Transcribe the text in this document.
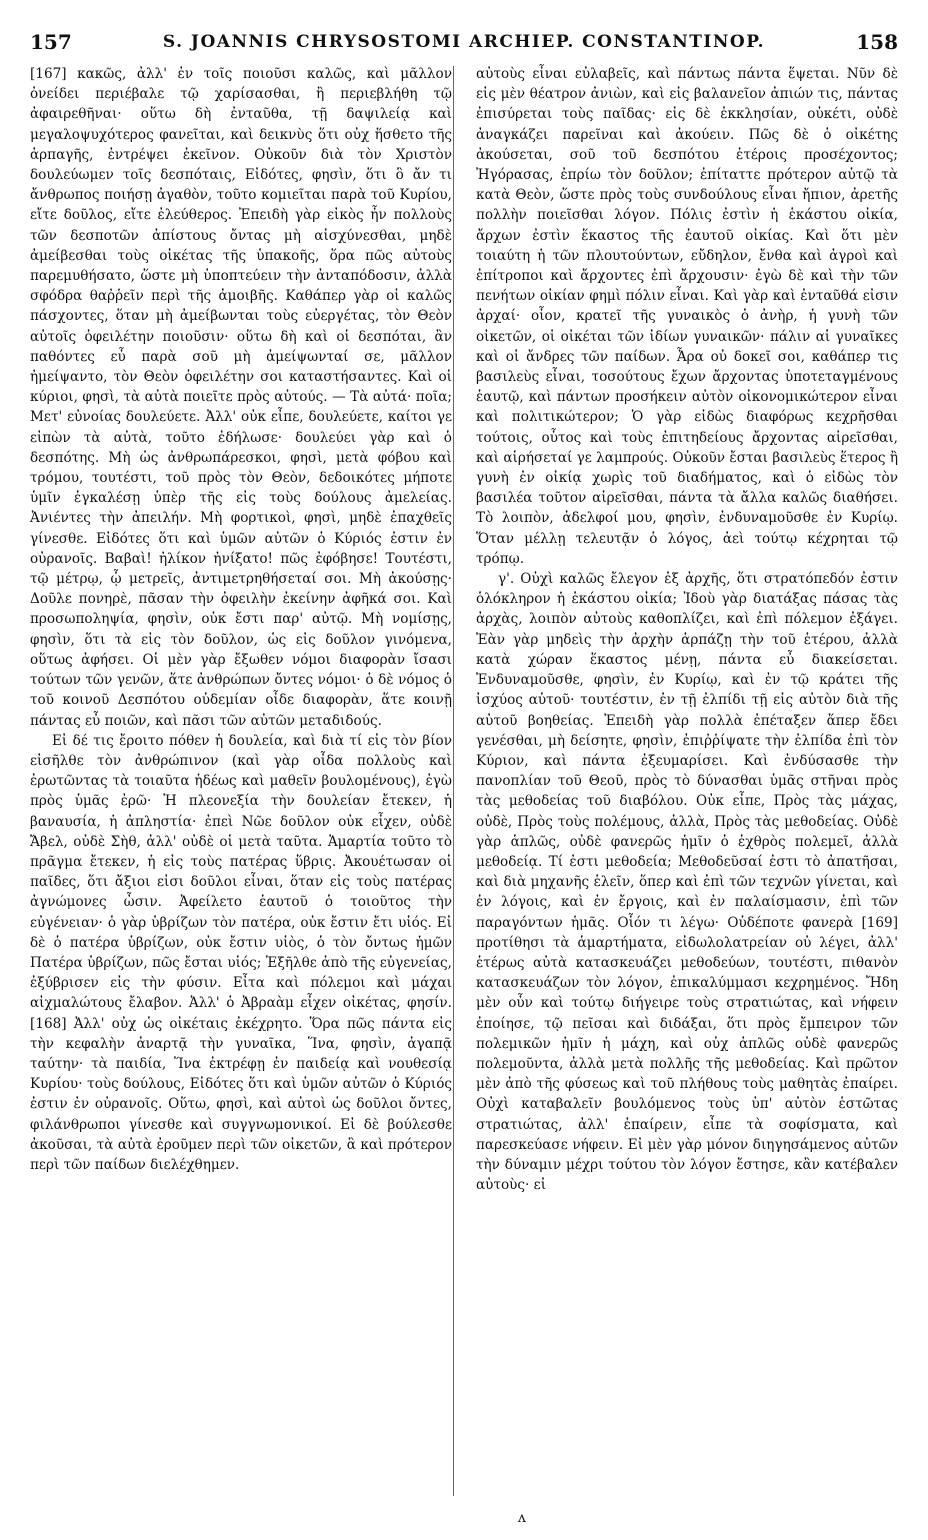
157	S. JOANNIS CHRYSOSTOMI ARCHIEP. CONSTANTINOP.	158

[167] κακῶς, ἀλλ' ἐν τοῖς ποιοῦσι καλῶς, καὶ μᾶλλον ὀνείδει περιέβαλε τῷ χαρίσασθαι, ἢ περιεβλήθη τῷ ἀφαιρεθῆναι· οὕτω δὴ ἐνταῦθα, τῇ δαψιλείᾳ καὶ μεγαλοψυχότερος φανεῖται, καὶ δεικνὺς ὅτι οὐχ ἥσθετο τῆς ἁρπαγῆς, ἐντρέψει ἐκεῖνον. Οὐκοῦν διὰ τὸν Χριστὸν δουλεύωμεν τοῖς δεσπόταις, Εἰδότες, φησὶν, ὅτι ὃ ἄν τι ἄνθρωπος ποιήσῃ ἀγαθὸν, τοῦτο κομιεῖται παρὰ τοῦ Κυρίου, εἴτε δοῦλος, εἴτε ἐλεύθερος. Ἐπειδὴ γὰρ εἰκὸς ἦν πολλοὺς τῶν δεσποτῶν ἀπίστους ὄντας μὴ αἰσχύνεσθαι, μηδὲ ἀμείβεσθαι τοὺς οἰκέτας τῆς ὑπακοῆς, ὅρα πῶς αὐτοὺς παρεμυθήσατο, ὥστε μὴ ὑποπτεύειν τὴν ἀνταπόδοσιν, ἀλλὰ σφόδρα θαῤῥεῖν περὶ τῆς ἀμοιβῆς. Καθάπερ γὰρ οἱ καλῶς πάσχοντες, ὅταν μὴ ἀμείβωνται τοὺς εὐεργέτας, τὸν Θεὸν αὐτοῖς ὀφειλέτην ποιοῦσιν· οὕτω δὴ καὶ οἱ δεσπόται, ἂν παθόντες εὖ παρὰ σοῦ μὴ ἀμείψωνταί σε, μᾶλλον ἠμείψαντο, τὸν Θεὸν ὀφειλέτην σοι καταστήσαντες. Καὶ οἱ κύριοι, φησὶ, τὰ αὐτὰ ποιεῖτε πρὸς αὐτούς. — Τὰ αὐτά· ποῖα; Μετ' εὐνοίας δουλεύετε. Ἀλλ' οὐκ εἶπε, δουλεύετε, καίτοι γε εἰπὼν τὰ αὐτὰ, τοῦτο ἐδήλωσε· δουλεύει γὰρ καὶ ὁ δεσπότης. Μὴ ὡς ἀνθρωπάρεσκοι, φησὶ, μετὰ φόβου καὶ τρόμου, τουτέστι, τοῦ πρὸς τὸν Θεὸν, δεδοικότες μήποτε ὑμῖν ἐγκαλέσῃ ὑπὲρ τῆς εἰς τοὺς δούλους ἀμελείας. Ἀνιέντες τὴν ἀπειλήν. Μὴ φορτικοὶ, φησὶ, μηδὲ ἐπαχθεῖς γίνεσθε. Εἰδότες ὅτι καὶ ὑμῶν αὐτῶν ὁ Κύριός ἐστιν ἐν οὐρανοῖς. Βαβαὶ! ἠλίκον ἠνίξατο! πῶς ἐφόβησε! Τουτέστι, τῷ μέτρῳ, ᾧ μετρεῖς, ἀντιμετρηθήσεταί σοι. Μὴ ἀκούσῃς· Δοῦλε πονηρὲ, πᾶσαν τὴν ὀφειλὴν ἐκείνην ἀφῆκά σοι. Καὶ προσωποληψία, φησὶν, οὐκ ἔστι παρ' αὐτῷ. Μὴ νομίσῃς, φησὶν, ὅτι τὰ εἰς τὸν δοῦλον, ὡς εἰς δοῦλον γινόμενα, οὕτως ἀφήσει. Οἱ μὲν γὰρ ἔξωθεν νόμοι διαφορὰν ἴσασι τούτων τῶν γενῶν, ἅτε ἀνθρώπων ὄντες νόμοι· ὁ δὲ νόμος ὁ τοῦ κοινοῦ Δεσπότου οὐδεμίαν οἶδε διαφορὰν, ἅτε κοινῇ πάντας εὖ ποιῶν, καὶ πᾶσι τῶν αὐτῶν μεταδιδούς.

Εἰ δέ τις ἔροιτο πόθεν ἡ δουλεία, καὶ διὰ τί εἰς τὸν βίον εἰσῆλθε τὸν ἀνθρώπινον (καὶ γὰρ οἶδα πολλοὺς καὶ ἐρωτῶντας τὰ τοιαῦτα ἡδέως καὶ μαθεῖν βουλομένους), ἐγὼ πρὸς ὑμᾶς ἐρῶ· Ἡ πλεονεξία τὴν δουλείαν ἔτεκεν, ἡ βαναυσία, ἡ ἀπληστία· ἐπεὶ Νῶε δοῦλον οὐκ εἶχεν, οὐδὲ Ἄβελ, οὐδὲ Σὴθ, ἀλλ' οὐδὲ οἱ μετὰ ταῦτα. Ἁμαρτία τοῦτο τὸ πρᾶγμα ἔτεκεν, ἡ εἰς τοὺς πατέρας ὕβρις. Ἀκουέτωσαν οἱ παῖδες, ὅτι ἄξιοι εἰσι δοῦλοι εἶναι, ὅταν εἰς τοὺς πατέρας ἀγνώμονες ὦσιν. Ἀφείλετο ἑαυτοῦ ὁ τοιοῦτος τὴν εὐγένειαν· ὁ γὰρ ὑβρίζων τὸν πατέρα, οὐκ ἔστιν ἔτι υἱός. Εἰ δὲ ὁ πατέρα ὑβρίζων, οὐκ ἔστιν υἱὸς, ὁ τὸν ὄντως ἡμῶν Πατέρα ὑβρίζων, πῶς ἔσται υἱός; Ἐξῆλθε ἀπὸ τῆς εὐγενείας, ἐξύβρισεν εἰς τὴν φύσιν. Εἶτα καὶ πόλεμοι καὶ μάχαι αἰχμαλώτους ἔλαβον. Ἀλλ' ὁ Ἀβραὰμ εἶχεν οἰκέτας, φησίν. [168] Ἀλλ' οὐχ ὡς οἰκέταις ἐκέχρητο. Ὅρα πῶς πάντα εἰς τὴν κεφαλὴν ἀναρτᾷ τὴν γυναῖκα, Ἵνα, φησὶν, ἀγαπᾷ ταύτην· τὰ παιδία, Ἵνα ἐκτρέφῃ ἐν παιδείᾳ καὶ νουθεσίᾳ Κυρίου· τοὺς δούλους, Εἰδότες ὅτι καὶ ὑμῶν αὐτῶν ὁ Κύριός ἐστιν ἐν οὐρανοῖς. Οὕτω, φησὶ, καὶ αὐτοὶ ὡς δοῦλοι ὄντες, φιλάνθρωποι γίνεσθε καὶ συγγνωμονικοί. Εἰ δὲ βούλεσθε ἀκοῦσαι, τὰ αὐτὰ ἐροῦμεν περὶ τῶν οἰκετῶν, ἃ καὶ πρότερον περὶ τῶν παίδων διελέχθημεν.

αὐτοὺς εἶναι εὐλαβεῖς, καὶ πάντως πάντα ἕψεται. Νῦν δὲ εἰς μὲν θέατρον ἀνιὼν, καὶ εἰς βαλανεῖον ἀπιών τις, πάντας ἐπισύρεται τοὺς παῖδας· εἰς δὲ ἐκκλησίαν, οὐκέτι, οὐδὲ ἀναγκάζει παρεῖναι καὶ ἀκούειν. Πῶς δὲ ὁ οἰκέτης ἀκούσεται, σοῦ τοῦ δεσπότου ἑτέροις προσέχοντος; Ἠγόρασας, ἐπρίω τὸν δοῦλον; ἐπίταττε πρότερον αὐτῷ τὰ κατὰ Θεὸν, ὥστε πρὸς τοὺς συνδούλους εἶναι ἤπιον, ἀρετῆς πολλὴν ποιεῖσθαι λόγον. Πόλις ἐστὶν ἡ ἑκάστου οἰκία, ἄρχων ἐστὶν ἕκαστος τῆς ἑαυτοῦ οἰκίας. Καὶ ὅτι μὲν τοιαύτη ἡ τῶν πλουτούντων, εὔδηλον, ἔνθα καὶ ἀγροὶ καὶ ἐπίτροποι καὶ ἄρχοντες ἐπὶ ἄρχουσιν· ἐγὼ δὲ καὶ τὴν τῶν πενήτων οἰκίαν φημὶ πόλιν εἶναι. Καὶ γὰρ καὶ ἐνταῦθά εἰσιν ἀρχαί· οἷον, κρατεῖ τῆς γυναικὸς ὁ ἀνὴρ, ἡ γυνὴ τῶν οἰκετῶν, οἱ οἰκέται τῶν ἰδίων γυναικῶν· πάλιν αἱ γυναῖκες καὶ οἱ ἄνδρες τῶν παίδων. Ἆρα οὐ δοκεῖ σοι, καθάπερ τις βασιλεὺς εἶναι, τοσούτους ἔχων ἄρχοντας ὑποτεταγμένους ἑαυτῷ, καὶ πάντων προσήκειν αὐτὸν οἰκονομικώτερον εἶναι καὶ πολιτικώτερον; Ὁ γὰρ εἰδὼς διαφόρως κεχρῆσθαι τούτοις, οὗτος καὶ τοὺς ἐπιτηδείους ἄρχοντας αἱρεῖσθαι, καὶ αἱρήσεταί γε λαμπρούς. Οὐκοῦν ἔσται βασιλεὺς ἕτερος ἢ γυνὴ ἐν οἰκίᾳ χωρὶς τοῦ διαδήματος, καὶ ὁ εἰδὼς τὸν βασιλέα τοῦτον αἱρεῖσθαι, πάντα τὰ ἄλλα καλῶς διαθήσει. Τὸ λοιπὸν, ἀδελφοί μου, φησὶν, ἐνδυναμοῦσθε ἐν Κυρίῳ. Ὅταν μέλλῃ τελευτᾷν ὁ λόγος, ἀεὶ τούτῳ κέχρηται τῷ τρόπῳ.

γ'. Οὐχὶ καλῶς ἔλεγον ἐξ ἀρχῆς, ὅτι στρατόπεδόν ἐστιν ὁλόκληρον ἡ ἑκάστου οἰκία; Ἰδοὺ γὰρ διατάξας πάσας τὰς ἀρχὰς, λοιπὸν αὐτοὺς καθοπλίζει, καὶ ἐπὶ πόλεμον ἐξάγει. Ἐὰν γὰρ μηδεὶς τὴν ἀρχὴν ἁρπάζῃ τὴν τοῦ ἑτέρου, ἀλλὰ κατὰ χώραν ἕκαστος μένῃ, πάντα εὖ διακείσεται. Ἐνδυναμοῦσθε, φησὶν, ἐν Κυρίῳ, καὶ ἐν τῷ κράτει τῆς ἰσχύος αὐτοῦ· τουτέστιν, ἐν τῇ ἐλπίδι τῇ εἰς αὐτὸν διὰ τῆς αὐτοῦ βοηθείας. Ἐπειδὴ γὰρ πολλὰ ἐπέταξεν ἅπερ ἔδει γενέσθαι, μὴ δείσητε, φησὶν, ἐπιῤῥίψατε τὴν ἐλπίδα ἐπὶ τὸν Κύριον, καὶ πάντα ἐξευμαρίσει. Καὶ ἐνδύσασθε τὴν πανοπλίαν τοῦ Θεοῦ, πρὸς τὸ δύνασθαι ὑμᾶς στῆναι πρὸς τὰς μεθοδείας τοῦ διαβόλου. Οὐκ εἶπε, Πρὸς τὰς μάχας, οὐδὲ, Πρὸς τοὺς πολέμους, ἀλλὰ, Πρὸς τὰς μεθοδείας. Οὐδὲ γὰρ ἁπλῶς, οὐδὲ φανερῶς ἡμῖν ὁ ἐχθρὸς πολεμεῖ, ἀλλὰ μεθοδείᾳ. Τί ἐστι μεθοδεία; Μεθοδεῦσαί ἐστι τὸ ἀπατῆσαι, καὶ διὰ μηχανῆς ἑλεῖν, ὅπερ καὶ ἐπὶ τῶν τεχνῶν γίνεται, καὶ ἐν λόγοις, καὶ ἐν ἔργοις, καὶ ἐν παλαίσμασιν, ἐπὶ τῶν παραγόντων ἡμᾶς. Οἷόν τι λέγω· Οὐδέποτε φανερὰ [169] προτίθησι τὰ ἁμαρτήματα, εἰδωλολατρείαν οὐ λέγει, ἀλλ' ἑτέρως αὐτὰ κατασκευάζει μεθοδεύων, τουτέστι, πιθανὸν κατασκευάζων τὸν λόγον, ἐπικαλύμμασι κεχρημένος. Ἤδη μὲν οὖν καὶ τούτῳ διήγειρε τοὺς στρατιώτας, καὶ νήφειν ἐποίησε, τῷ πεῖσαι καὶ διδάξαι, ὅτι πρὸς ἔμπειρον τῶν πολεμικῶν ἡμῖν ἡ μάχη, καὶ οὐχ ἁπλῶς οὐδὲ φανερῶς πολεμοῦντα, ἀλλὰ μετὰ πολλῆς τῆς μεθοδείας. Καὶ πρῶτον μὲν ἀπὸ τῆς φύσεως καὶ τοῦ πλήθους τοὺς μαθητὰς ἐπαίρει. Οὐχὶ καταβαλεῖν βουλόμενος τοὺς ὑπ' αὐτὸν ἑστῶτας στρατιώτας, ἀλλ' ἐπαίρειν, εἶπε τὰ σοφίσματα, καὶ παρεσκεύασε νήφειν. Εἰ μὲν γὰρ μόνον διηγησάμενος αὐτῶν τὴν δύναμιν μέχρι τούτου τὸν λόγον ἔστησε, κἂν κατέβαλεν αὐτοὺς· εἰ

ʌ
